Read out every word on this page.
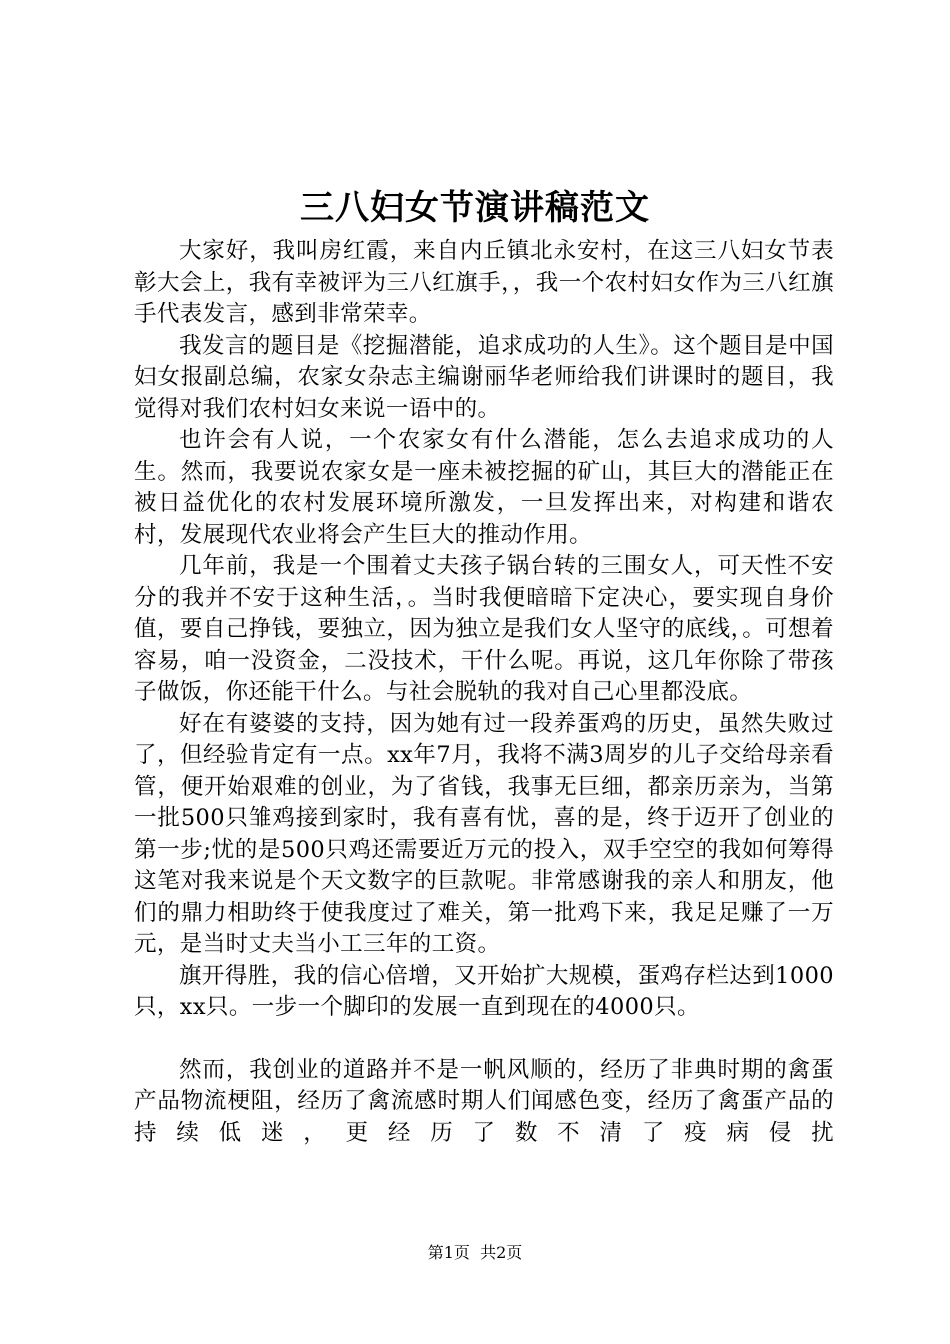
三八妇女节演讲稿范文

大家好，我叫房红霞，来自内丘镇北永安村，在这三八妇女节表彰大会上，我有幸被评为三八红旗手，，我一个农村妇女作为三八红旗手代表发言，感到非常荣幸。

我发言的题目是《挖掘潜能，追求成功的人生》。这个题目是中国妇女报副总编，农家女杂志主编谢丽华老师给我们讲课时的题目，我觉得对我们农村妇女来说一语中的。

也许会有人说，一个农家女有什么潜能，怎么去追求成功的人生。然而，我要说农家女是一座未被挖掘的矿山，其巨大的潜能正在被日益优化的农村发展环境所激发，一旦发挥出来，对构建和谐农村，发展现代农业将会产生巨大的推动作用。

几年前，我是一个围着丈夫孩子锅台转的三围女人，可天性不安分的我并不安于这种生活，。当时我便暗暗下定决心，要实现自身价值，要自己挣钱，要独立，因为独立是我们女人坚守的底线，。可想着容易，咱一没资金，二没技术，干什么呢。再说，这几年你除了带孩子做饭，你还能干什么。与社会脱轨的我对自己心里都没底。

好在有婆婆的支持，因为她有过一段养蛋鸡的历史，虽然失败过了，但经验肯定有一点。xx年7月，我将不满3周岁的儿子交给母亲看管，便开始艰难的创业，为了省钱，我事无巨细，都亲历亲为，当第一批500只雏鸡接到家时，我有喜有忧，喜的是，终于迈开了创业的第一步;忧的是500只鸡还需要近万元的投入，双手空空的我如何筹得这笔对我来说是个天文数字的巨款呢。非常感谢我的亲人和朋友，他们的鼎力相助终于使我度过了难关，第一批鸡下来，我足足赚了一万元，是当时丈夫当小工三年的工资。

旗开得胜，我的信心倍增，又开始扩大规模，蛋鸡存栏达到1000只，xx只。一步一个脚印的发展一直到现在的4000只。

然而，我创业的道路并不是一帆风顺的，经历了非典时期的禽蛋产品物流梗阻，经历了禽流感时期人们闻感色变，经历了禽蛋产品的持续低迷，更经历了数不清了疫病侵扰

第1页  共2页
